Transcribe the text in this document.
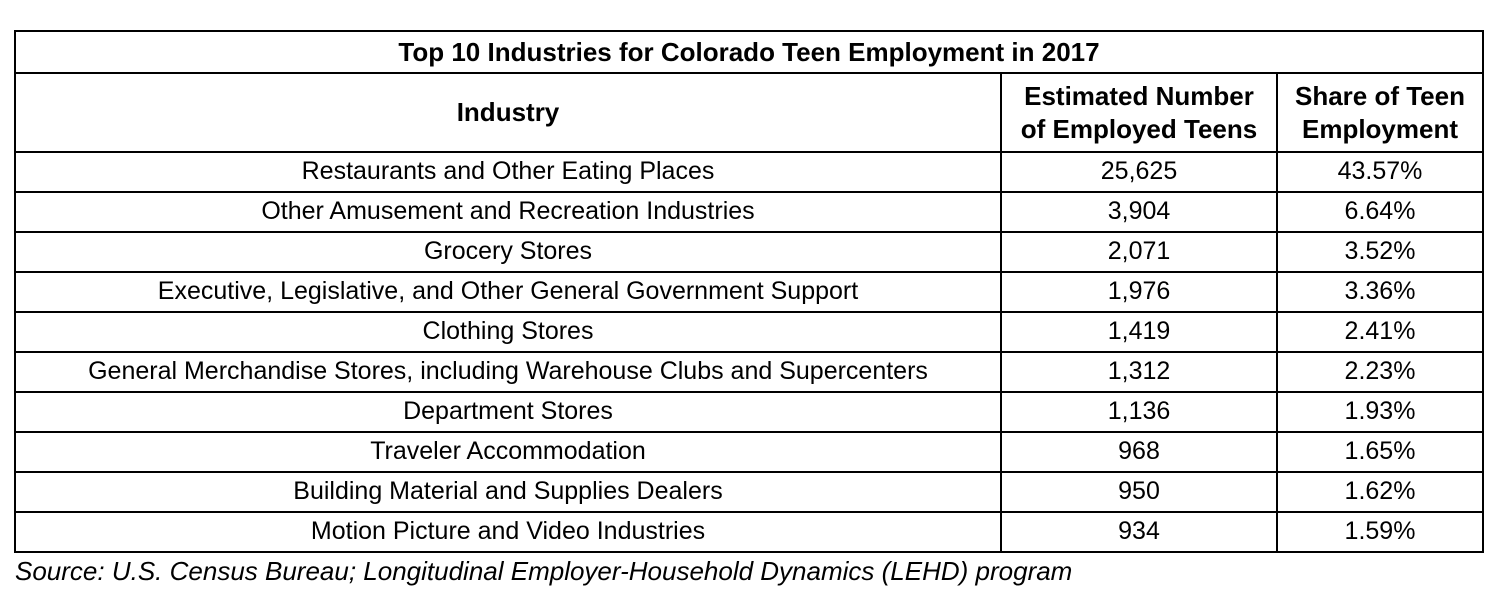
Top 10 Industries for Colorado Teen Employment in 2017		
Industry	Estimated Number of Employed Teens	Share of Teen Employment
Restaurants and Other Eating Places	25,625	43.57%
Other Amusement and Recreation Industries	3,904	6.64%
Grocery Stores	2,071	3.52%
Executive, Legislative, and Other General Government Support	1,976	3.36%
Clothing Stores	1,419	2.41%
General Merchandise Stores, including Warehouse Clubs and Supercenters	1,312	2.23%
Department Stores	1,136	1.93%
Traveler Accommodation	968	1.65%
Building Material and Supplies Dealers	950	1.62%
Motion Picture and Video Industries	934	1.59%
Source: U.S. Census Bureau; Longitudinal Employer-Household Dynamics (LEHD) program
